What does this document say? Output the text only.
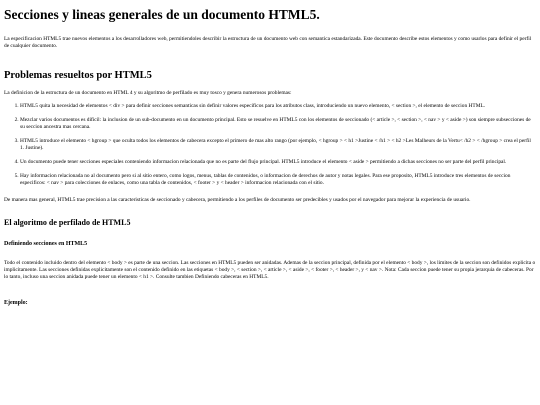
Secciones y lineas generales de un documento HTML5.

La especificacion HTML5 trae nuevos elementos a los desarrolladores web, permitiendoles describir la estructura de un documento web con semantica estandarizada. Este documento describe estos elementos y como usarlos para definir el perfil de cualquier documento.

Problemas resueltos por HTML5

La definicion de la estructura de un documento en HTML 4 y su algoritmo de perfilado es muy tosco y genera numerosos problemas:

1. HTML5 quita la necesidad de elementos < div > para definir secciones semanticas sin definir valores especificos para los atributos class, introduciendo un nuevo elemento, < section >, el elemento de seccion HTML.
2. Mezclar varios documentos es dificil: la inclusion de un sub-documento en un documento principal. Esto se resuelve en HTML5 con los elementos de seccionado (< article >, < section >, < nav > y < aside >) son siempre subsecciones de su seccion ancestra mas cercana.
3. HTML5 introduce el elemento < hgroup > que oculta todos los elementos de cabecera excepto el primero de mas alto rango (por ejemplo, < hgroup > < h1 >Justine < /h1 > < h2 >Les Malheurs de la Vertu< /h2 > < /hgroup > crea el perfil 1. Justine).
4. Un documento puede tener secciones especiales conteniendo informacion relacionada que no es parte del flujo principal. HTML5 introduce el elemento < aside > permitiendo a dichas secciones no ser parte del perfil principal.
5. Hay informacion relacionada no al documento pero si al sitio entero, como logos, menus, tablas de contenidos, o informacion de derechos de autor y notas legales. Para ese proposito, HTML5 introduce tres elementos de seccion especificos: < nav > para colecciones de enlaces, como una tabla de contenidos, < footer > y < header > informacion relacionada con el sitio.

De manera mas general, HTML5 trae precision a las caracteristicas de seccionado y cabecera, permitiendo a los perfiles de documento ser predecibles y usados por el navegador para mejorar la experiencia de usuario.

El algoritmo de perfilado de HTML5
Definiendo secciones en HTML5

Todo el contenido incluido dentro del elemento < body > es parte de una seccion. Las secciones en HTML5 pueden ser anidadas. Ademas de la seccion principal, definida por el elemento < body >, los limites de la seccion son definidos explicita o implicitamente. Las secciones definidas explicitamente son el contenido definido en las etiquetas < body >, < section >, < article >, < aside >, < footer >, < header >, y < nav >. Nota: Cada seccion puede tener su propia jerarquia de cabeceras. Por lo tanto, incluso una seccion anidada puede tener un elemento < h1 >. Consulte tambien Definiendo cabeceras en HTML5.

Ejemplo:
